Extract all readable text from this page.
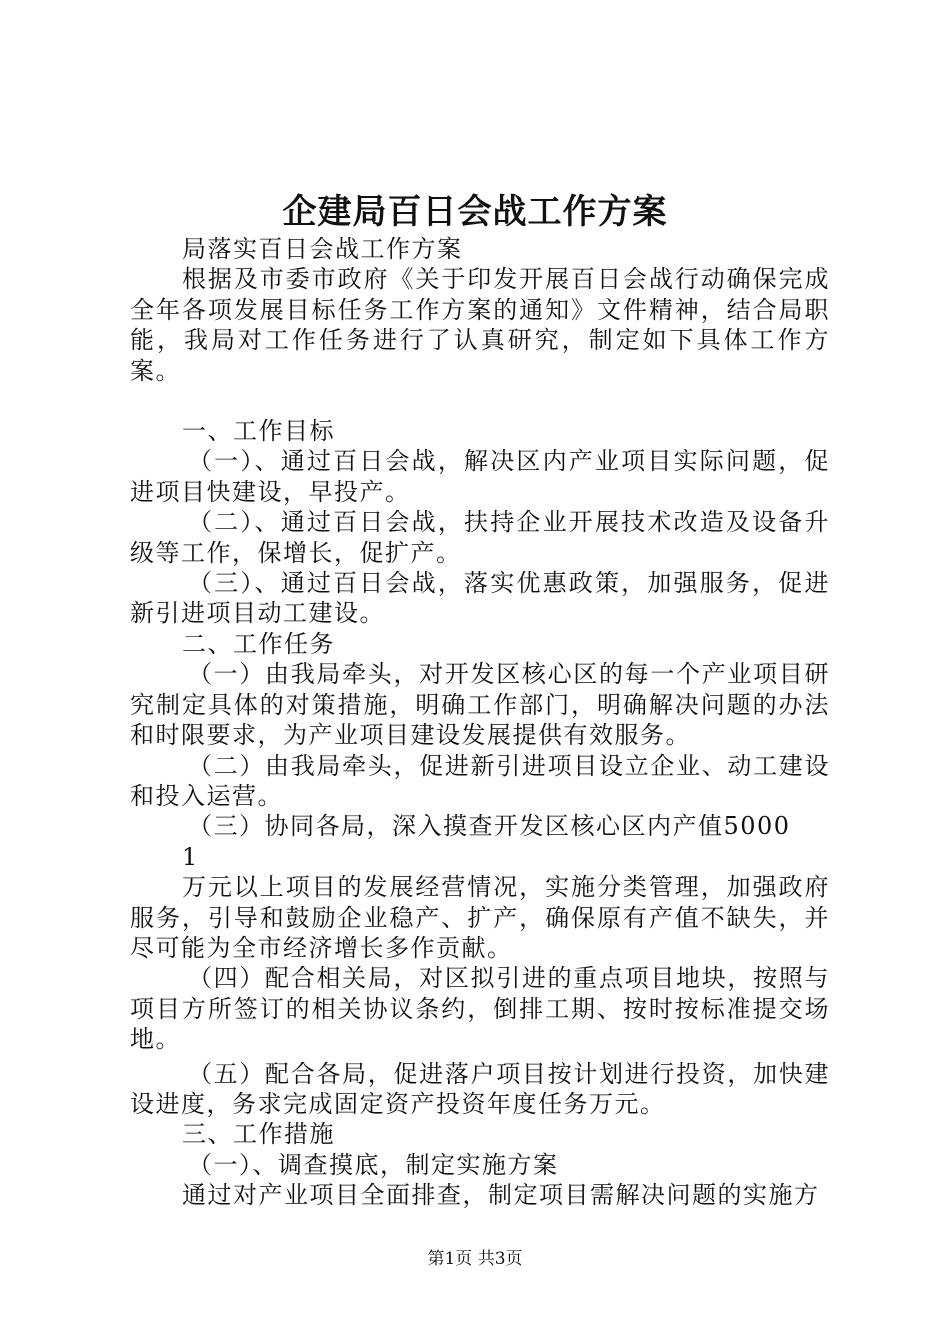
企建局百日会战工作方案

局落实百日会战工作方案

根据及市委市政府《关于印发开展百日会战行动确保完成全年各项发展目标任务工作方案的通知》文件精神，结合局职能，我局对工作任务进行了认真研究，制定如下具体工作方案。

一、工作目标

（一）、通过百日会战，解决区内产业项目实际问题，促进项目快建设，早投产。

（二）、通过百日会战，扶持企业开展技术改造及设备升级等工作，保增长，促扩产。

（三）、通过百日会战，落实优惠政策，加强服务，促进新引进项目动工建设。

二、工作任务

（一）由我局牵头，对开发区核心区的每一个产业项目研究制定具体的对策措施，明确工作部门，明确解决问题的办法和时限要求，为产业项目建设发展提供有效服务。

（二）由我局牵头，促进新引进项目设立企业、动工建设和投入运营。

（三）协同各局，深入摸查开发区核心区内产值5000

1

万元以上项目的发展经营情况，实施分类管理，加强政府服务，引导和鼓励企业稳产、扩产，确保原有产值不缺失，并尽可能为全市经济增长多作贡献。

（四）配合相关局，对区拟引进的重点项目地块，按照与项目方所签订的相关协议条约，倒排工期、按时按标准提交场地。

（五）配合各局，促进落户项目按计划进行投资，加快建设进度，务求完成固定资产投资年度任务万元。

三、工作措施

（一）、调查摸底，制定实施方案

通过对产业项目全面排查，制定项目需解决问题的实施方

第1页 共3页
